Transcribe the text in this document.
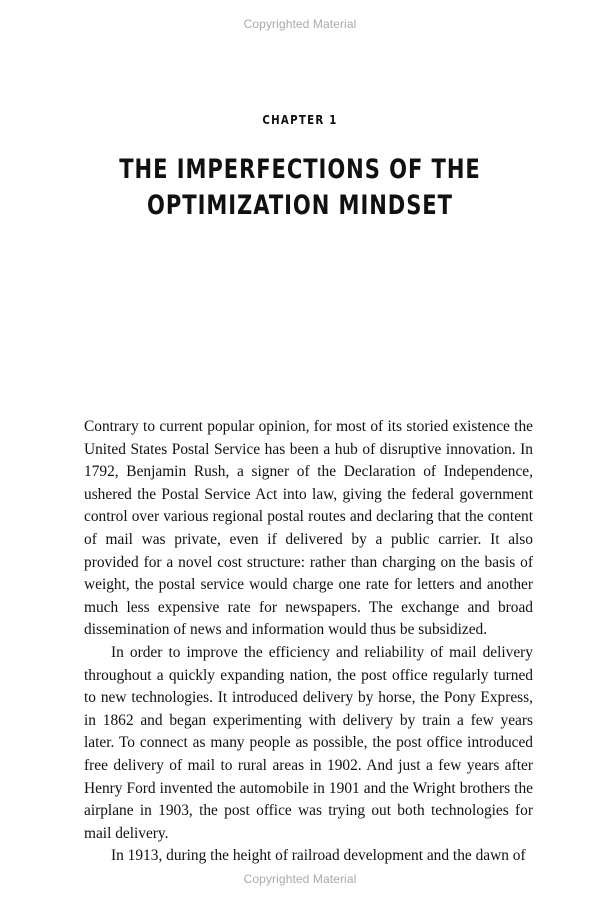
Copyrighted Material
CHAPTER 1
THE IMPERFECTIONS OF THE
OPTIMIZATION MINDSET

Contrary to current popular opinion, for most of its storied existence the United States Postal Service has been a hub of disruptive innovation. In 1792, Benjamin Rush, a signer of the Declaration of Independence, ushered the Postal Service Act into law, giving the federal government control over various regional postal routes and declaring that the content of mail was private, even if delivered by a public carrier. It also provided for a novel cost structure: rather than charging on the basis of weight, the postal service would charge one rate for letters and another much less expensive rate for newspapers. The exchange and broad dissemination of news and information would thus be subsidized.

In order to improve the efficiency and reliability of mail delivery throughout a quickly expanding nation, the post office regularly turned to new technologies. It introduced delivery by horse, the Pony Express, in 1862 and began experimenting with delivery by train a few years later. To connect as many people as possible, the post office introduced free delivery of mail to rural areas in 1902. And just a few years after Henry Ford invented the automobile in 1901 and the Wright brothers the airplane in 1903, the post office was trying out both technologies for mail delivery.

In 1913, during the height of railroad development and the dawn of

Copyrighted Material
